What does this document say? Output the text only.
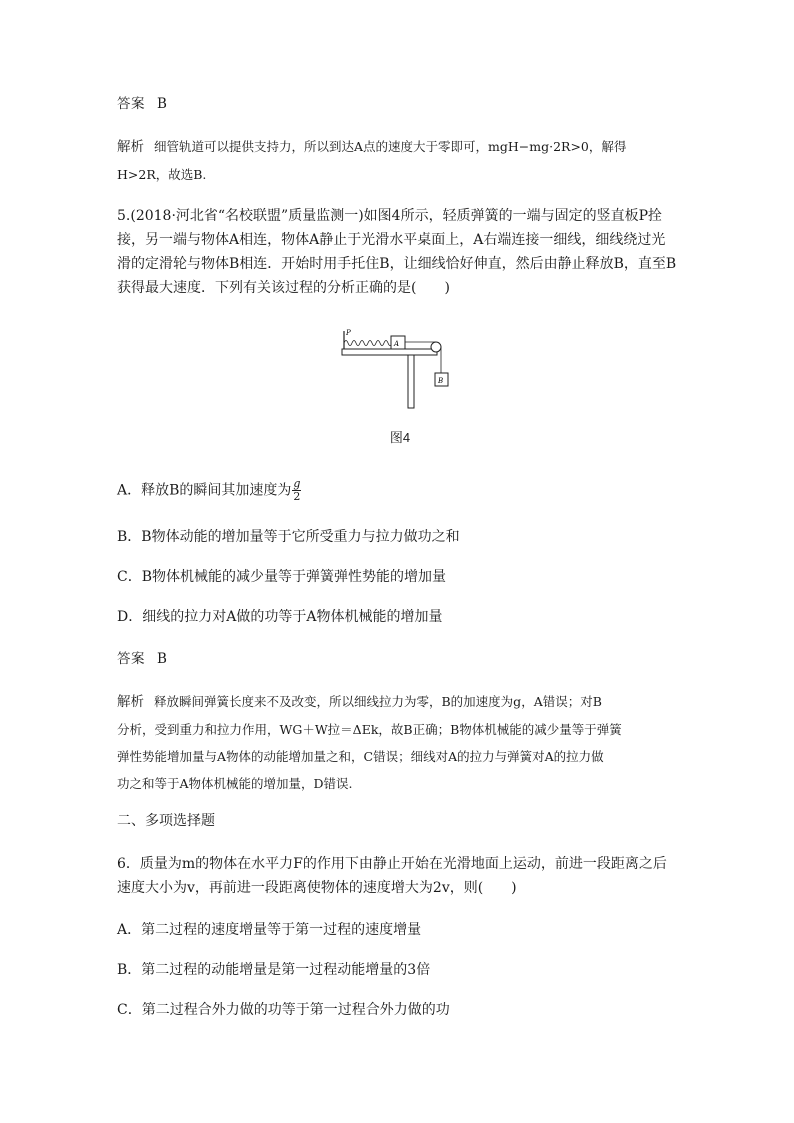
答案 B
解析 细管轨道可以提供支持力，所以到达A点的速度大于零即可，mgH−mg·2R>0，解得
H>2R，故选B.
5.(2018·河北省“名校联盟”质量监测一)如图4所示，轻质弹簧的一端与固定的竖直板P拴
接，另一端与物体A相连，物体A静止于光滑水平桌面上，A右端连接一细线，细线绕过光
滑的定滑轮与物体B相连．开始时用手托住B，让细线恰好伸直，然后由静止释放B，直至B
获得最大速度．下列有关该过程的分析正确的是(　　)
P
A
B
图4
A．释放B的瞬间其加速度为 $\frac{g}{2}$
B．B物体动能的增加量等于它所受重力与拉力做功之和
C．B物体机械能的减少量等于弹簧弹性势能的增加量
D．细线的拉力对A做的功等于A物体机械能的增加量
答案 B
解析 释放瞬间弹簧长度来不及改变，所以细线拉力为零，B的加速度为g，A错误；对B
分析，受到重力和拉力作用，WG＋W拉＝ΔEk，故B正确；B物体机械能的减少量等于弹簧
弹性势能增加量与A物体的动能增加量之和，C错误；细线对A的拉力与弹簧对A的拉力做
功之和等于A物体机械能的增加量，D错误.
二、多项选择题
6．质量为m的物体在水平力F的作用下由静止开始在光滑地面上运动，前进一段距离之后
速度大小为v，再前进一段距离使物体的速度增大为2v，则(　　)
A．第二过程的速度增量等于第一过程的速度增量
B．第二过程的动能增量是第一过程动能增量的3倍
C．第二过程合外力做的功等于第一过程合外力做的功
